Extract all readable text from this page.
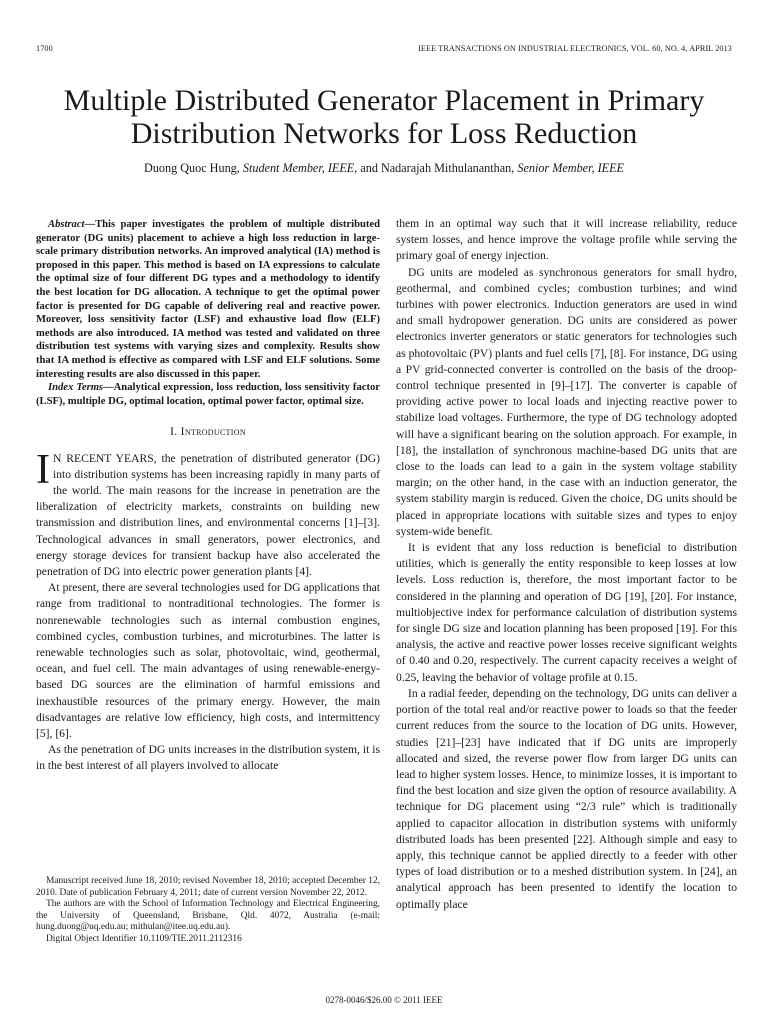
1700	IEEE TRANSACTIONS ON INDUSTRIAL ELECTRONICS, VOL. 60, NO. 4, APRIL 2013
Multiple Distributed Generator Placement in Primary Distribution Networks for Loss Reduction
Duong Quoc Hung, Student Member, IEEE, and Nadarajah Mithulananthan, Senior Member, IEEE

Abstract—This paper investigates the problem of multiple distributed generator (DG units) placement to achieve a high loss reduction in large-scale primary distribution networks. An improved analytical (IA) method is proposed in this paper. This method is based on IA expressions to calculate the optimal size of four different DG types and a methodology to identify the best location for DG allocation. A technique to get the optimal power factor is presented for DG capable of delivering real and reactive power. Moreover, loss sensitivity factor (LSF) and exhaustive load flow (ELF) methods are also introduced. IA method was tested and validated on three distribution test systems with varying sizes and complexity. Results show that IA method is effective as compared with LSF and ELF solutions. Some interesting results are also discussed in this paper.

Index Terms—Analytical expression, loss reduction, loss sensitivity factor (LSF), multiple DG, optimal location, optimal power factor, optimal size.

I. Introduction

I N RECENT YEARS, the penetration of distributed generator (DG) into distribution systems has been increasing rapidly in many parts of the world. The main reasons for the increase in penetration are the liberalization of electricity markets, constraints on building new transmission and distribution lines, and environmental concerns [1]–[3]. Technological advances in small generators, power electronics, and energy storage devices for transient backup have also accelerated the penetration of DG into electric power generation plants [4].

At present, there are several technologies used for DG applications that range from traditional to nontraditional technologies. The former is nonrenewable technologies such as internal combustion engines, combined cycles, combustion turbines, and microturbines. The latter is renewable technologies such as solar, photovoltaic, wind, geothermal, ocean, and fuel cell. The main advantages of using renewable-energy-based DG sources are the elimination of harmful emissions and inexhaustible resources of the primary energy. However, the main disadvantages are relative low efficiency, high costs, and intermittency [5], [6].

As the penetration of DG units increases in the distribution system, it is in the best interest of all players involved to allocate

Manuscript received June 18, 2010; revised November 18, 2010; accepted December 12, 2010. Date of publication February 4, 2011; date of current version November 22, 2012.

The authors are with the School of Information Technology and Electrical Engineering, the University of Queensland, Brisbane, Qld. 4072, Australia (e-mail: hung.duong@uq.edu.au; mithulan@itee.uq.edu.au).

Digital Object Identifier 10.1109/TIE.2011.2112316

them in an optimal way such that it will increase reliability, reduce system losses, and hence improve the voltage profile while serving the primary goal of energy injection.

DG units are modeled as synchronous generators for small hydro, geothermal, and combined cycles; combustion turbines; and wind turbines with power electronics. Induction generators are used in wind and small hydropower generation. DG units are considered as power electronics inverter generators or static generators for technologies such as photovoltaic (PV) plants and fuel cells [7], [8]. For instance, DG using a PV grid-connected converter is controlled on the basis of the droop-control technique presented in [9]–[17]. The converter is capable of providing active power to local loads and injecting reactive power to stabilize load voltages. Furthermore, the type of DG technology adopted will have a significant bearing on the solution approach. For example, in [18], the installation of synchronous machine-based DG units that are close to the loads can lead to a gain in the system voltage stability margin; on the other hand, in the case with an induction generator, the system stability margin is reduced. Given the choice, DG units should be placed in appropriate locations with suitable sizes and types to enjoy system-wide benefit.

It is evident that any loss reduction is beneficial to distribution utilities, which is generally the entity responsible to keep losses at low levels. Loss reduction is, therefore, the most important factor to be considered in the planning and operation of DG [19], [20]. For instance, multiobjective index for performance calculation of distribution systems for single DG size and location planning has been proposed [19]. For this analysis, the active and reactive power losses receive significant weights of 0.40 and 0.20, respectively. The current capacity receives a weight of 0.25, leaving the behavior of voltage profile at 0.15.

In a radial feeder, depending on the technology, DG units can deliver a portion of the total real and/or reactive power to loads so that the feeder current reduces from the source to the location of DG units. However, studies [21]–[23] have indicated that if DG units are improperly allocated and sized, the reverse power flow from larger DG units can lead to higher system losses. Hence, to minimize losses, it is important to find the best location and size given the option of resource availability. A technique for DG placement using “2/3 rule” which is traditionally applied to capacitor allocation in distribution systems with uniformly distributed loads has been presented [22]. Although simple and easy to apply, this technique cannot be applied directly to a feeder with other types of load distribution or to a meshed distribution system. In [24], an analytical approach has been presented to identify the location to optimally place

0278-0046/$26.00 © 2011 IEEE
